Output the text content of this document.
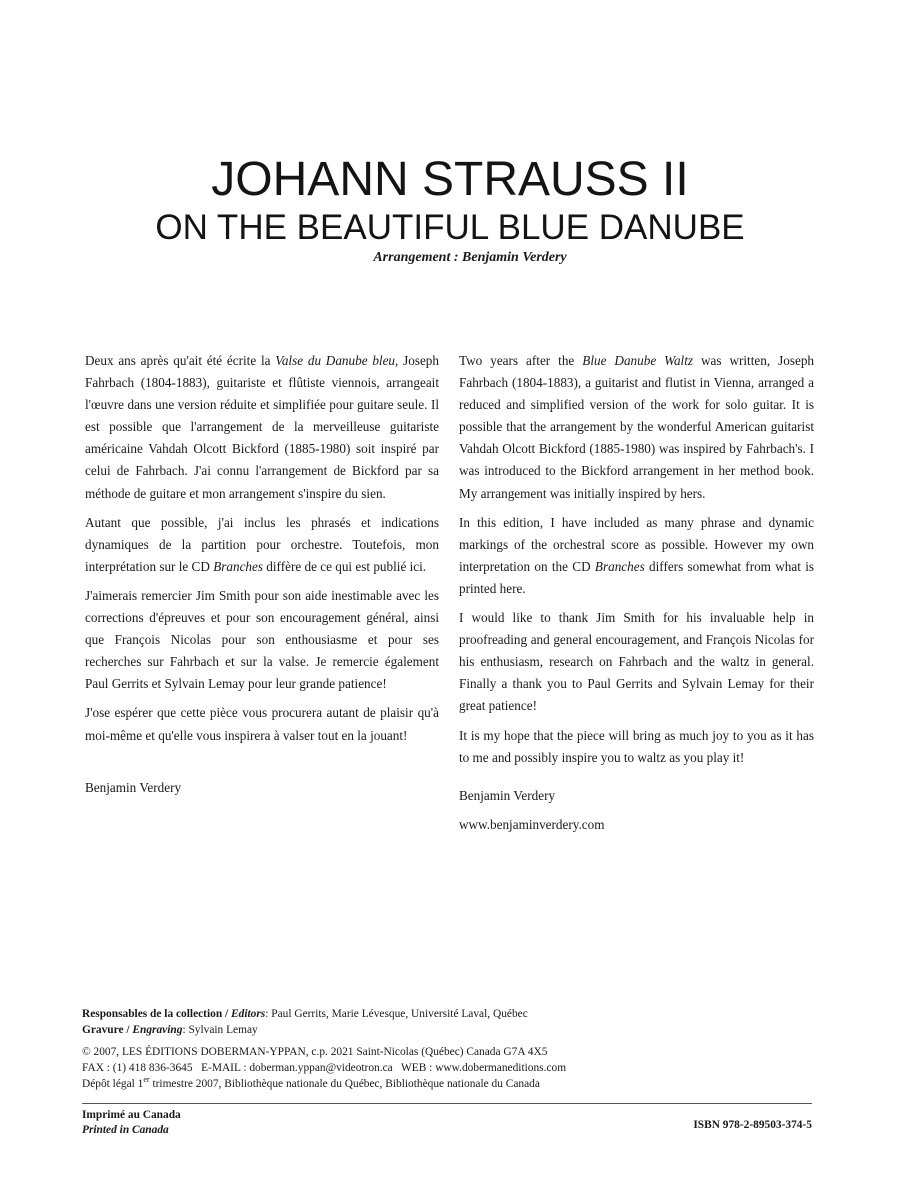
JOHANN STRAUSS II
ON THE BEAUTIFUL BLUE DANUBE
Arrangement : Benjamin Verdery

Deux ans après qu'ait été écrite la Valse du Danube bleu, Joseph Fahrbach (1804-1883), guitariste et flûtiste viennois, arrangeait l'œuvre dans une version réduite et simplifiée pour guitare seule. Il est possible que l'arrangement de la merveilleuse guitariste américaine Vahdah Olcott Bickford (1885-1980) soit inspiré par celui de Fahrbach. J'ai connu l'arrangement de Bickford par sa méthode de guitare et mon arrangement s'inspire du sien.

Autant que possible, j'ai inclus les phrasés et indications dynamiques de la partition pour orchestre. Toutefois, mon interprétation sur le CD Branches diffère de ce qui est publié ici.

J'aimerais remercier Jim Smith pour son aide inestimable avec les corrections d'épreuves et pour son encouragement général, ainsi que François Nicolas pour son enthousiasme et pour ses recherches sur Fahrbach et sur la valse. Je remercie également Paul Gerrits et Sylvain Lemay pour leur grande patience!

J'ose espérer que cette pièce vous procurera autant de plaisir qu'à moi-même et qu'elle vous inspirera à valser tout en la jouant!

Benjamin Verdery

Two years after the Blue Danube Waltz was written, Joseph Fahrbach (1804-1883), a guitarist and flutist in Vienna, arranged a reduced and simplified version of the work for solo guitar. It is possible that the arrangement by the wonderful American guitarist Vahdah Olcott Bickford (1885-1980) was inspired by Fahrbach's. I was introduced to the Bickford arrangement in her method book. My arrangement was initially inspired by hers.

In this edition, I have included as many phrase and dynamic markings of the orchestral score as possible. However my own interpretation on the CD Branches differs somewhat from what is printed here.

I would like to thank Jim Smith for his invaluable help in proofreading and general encouragement, and François Nicolas for his enthusiasm, research on Fahrbach and the waltz in general. Finally a thank you to Paul Gerrits and Sylvain Lemay for their great patience!

It is my hope that the piece will bring as much joy to you as it has to me and possibly inspire you to waltz as you play it!

Benjamin Verdery

www.benjaminverdery.com

Responsables de la collection / Editors: Paul Gerrits, Marie Lévesque, Université Laval, Québec
Gravure / Engraving: Sylvain Lemay
© 2007, LES ÉDITIONS DOBERMAN-YPPAN, c.p. 2021 Saint-Nicolas (Québec) Canada G7A 4X5
FAX : (1) 418 836-3645   E-MAIL : doberman.yppan@videotron.ca   WEB : www.dobermaneditions.com
Dépôt légal 1er trimestre 2007, Bibliothèque nationale du Québec, Bibliothèque nationale du Canada
Imprimé au Canada
Printed in Canada	ISBN 978-2-89503-374-5
